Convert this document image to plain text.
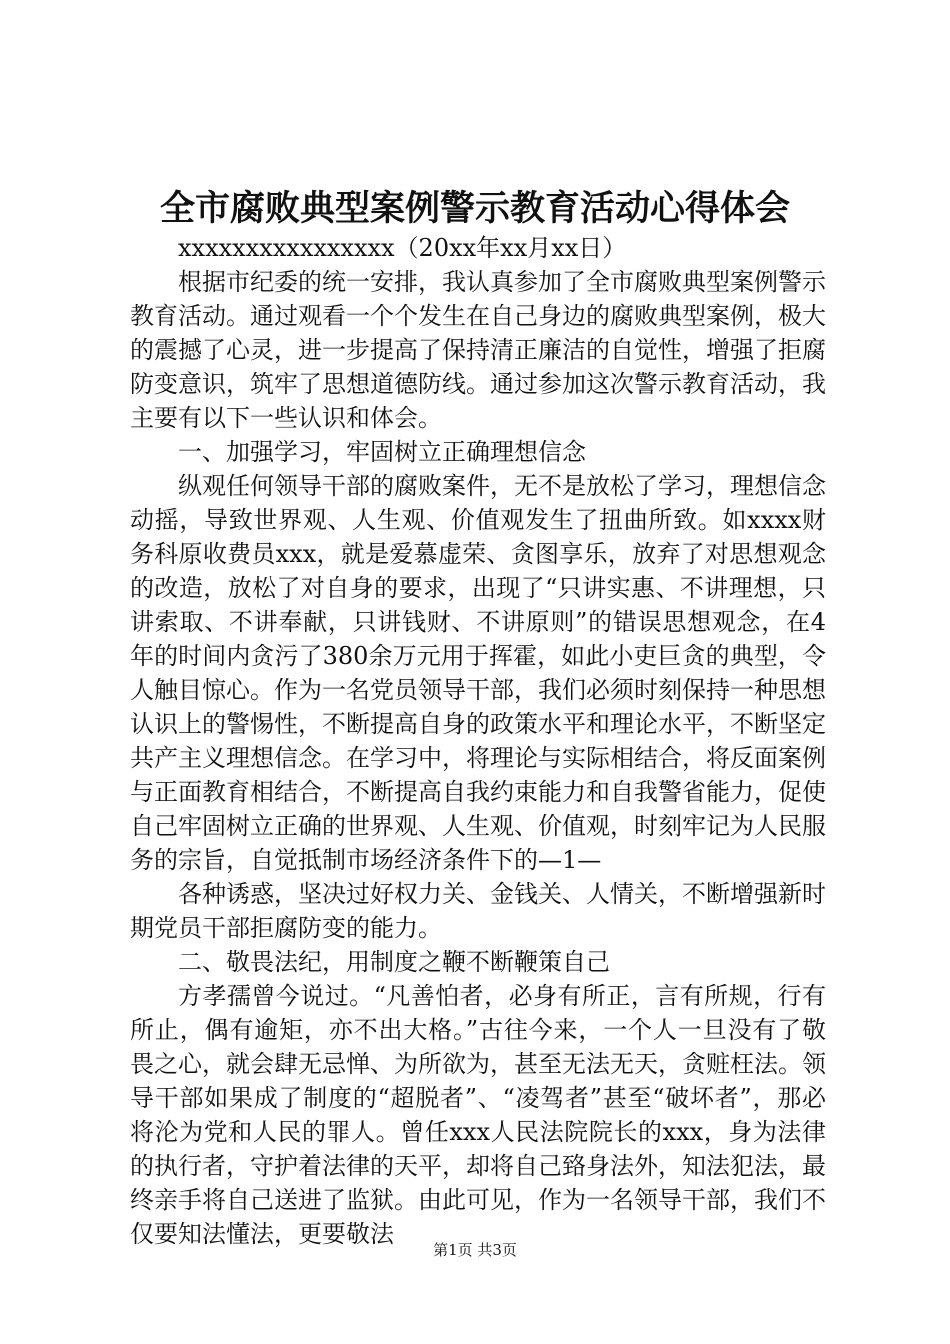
全市腐败典型案例警示教育活动心得体会

xxxxxxxxxxxxxxxx（20xx年xx月xx日）

根据市纪委的统一安排，我认真参加了全市腐败典型案例警示教育活动。通过观看一个个发生在自己身边的腐败典型案例，极大的震撼了心灵，进一步提高了保持清正廉洁的自觉性，增强了拒腐防变意识，筑牢了思想道德防线。通过参加这次警示教育活动，我主要有以下一些认识和体会。

一、加强学习，牢固树立正确理想信念

纵观任何领导干部的腐败案件，无不是放松了学习，理想信念动摇，导致世界观、人生观、价值观发生了扭曲所致。如xxxx财务科原收费员xxx，就是爱慕虚荣、贪图享乐，放弃了对思想观念的改造，放松了对自身的要求，出现了“只讲实惠、不讲理想，只讲索取、不讲奉献，只讲钱财、不讲原则”的错误思想观念，在4年的时间内贪污了380余万元用于挥霍，如此小吏巨贪的典型，令人触目惊心。作为一名党员领导干部，我们必须时刻保持一种思想认识上的警惕性，不断提高自身的政策水平和理论水平，不断坚定共产主义理想信念。在学习中，将理论与实际相结合，将反面案例与正面教育相结合，不断提高自我约束能力和自我警省能力，促使自己牢固树立正确的世界观、人生观、价值观，时刻牢记为人民服务的宗旨，自觉抵制市场经济条件下的—1—

各种诱惑，坚决过好权力关、金钱关、人情关，不断增强新时期党员干部拒腐防变的能力。

二、敬畏法纪，用制度之鞭不断鞭策自己

方孝孺曾今说过。“凡善怕者，必身有所正，言有所规，行有所止，偶有逾矩，亦不出大格。”古往今来，一个人一旦没有了敬畏之心，就会肆无忌惮、为所欲为，甚至无法无天，贪赃枉法。领导干部如果成了制度的“超脱者”、“凌驾者”甚至“破坏者”，那必将沦为党和人民的罪人。曾任xxx人民法院院长的xxx，身为法律的执行者，守护着法律的天平，却将自己臵身法外，知法犯法，最终亲手将自己送进了监狱。由此可见，作为一名领导干部，我们不仅要知法懂法，更要敬法

第1页 共3页
